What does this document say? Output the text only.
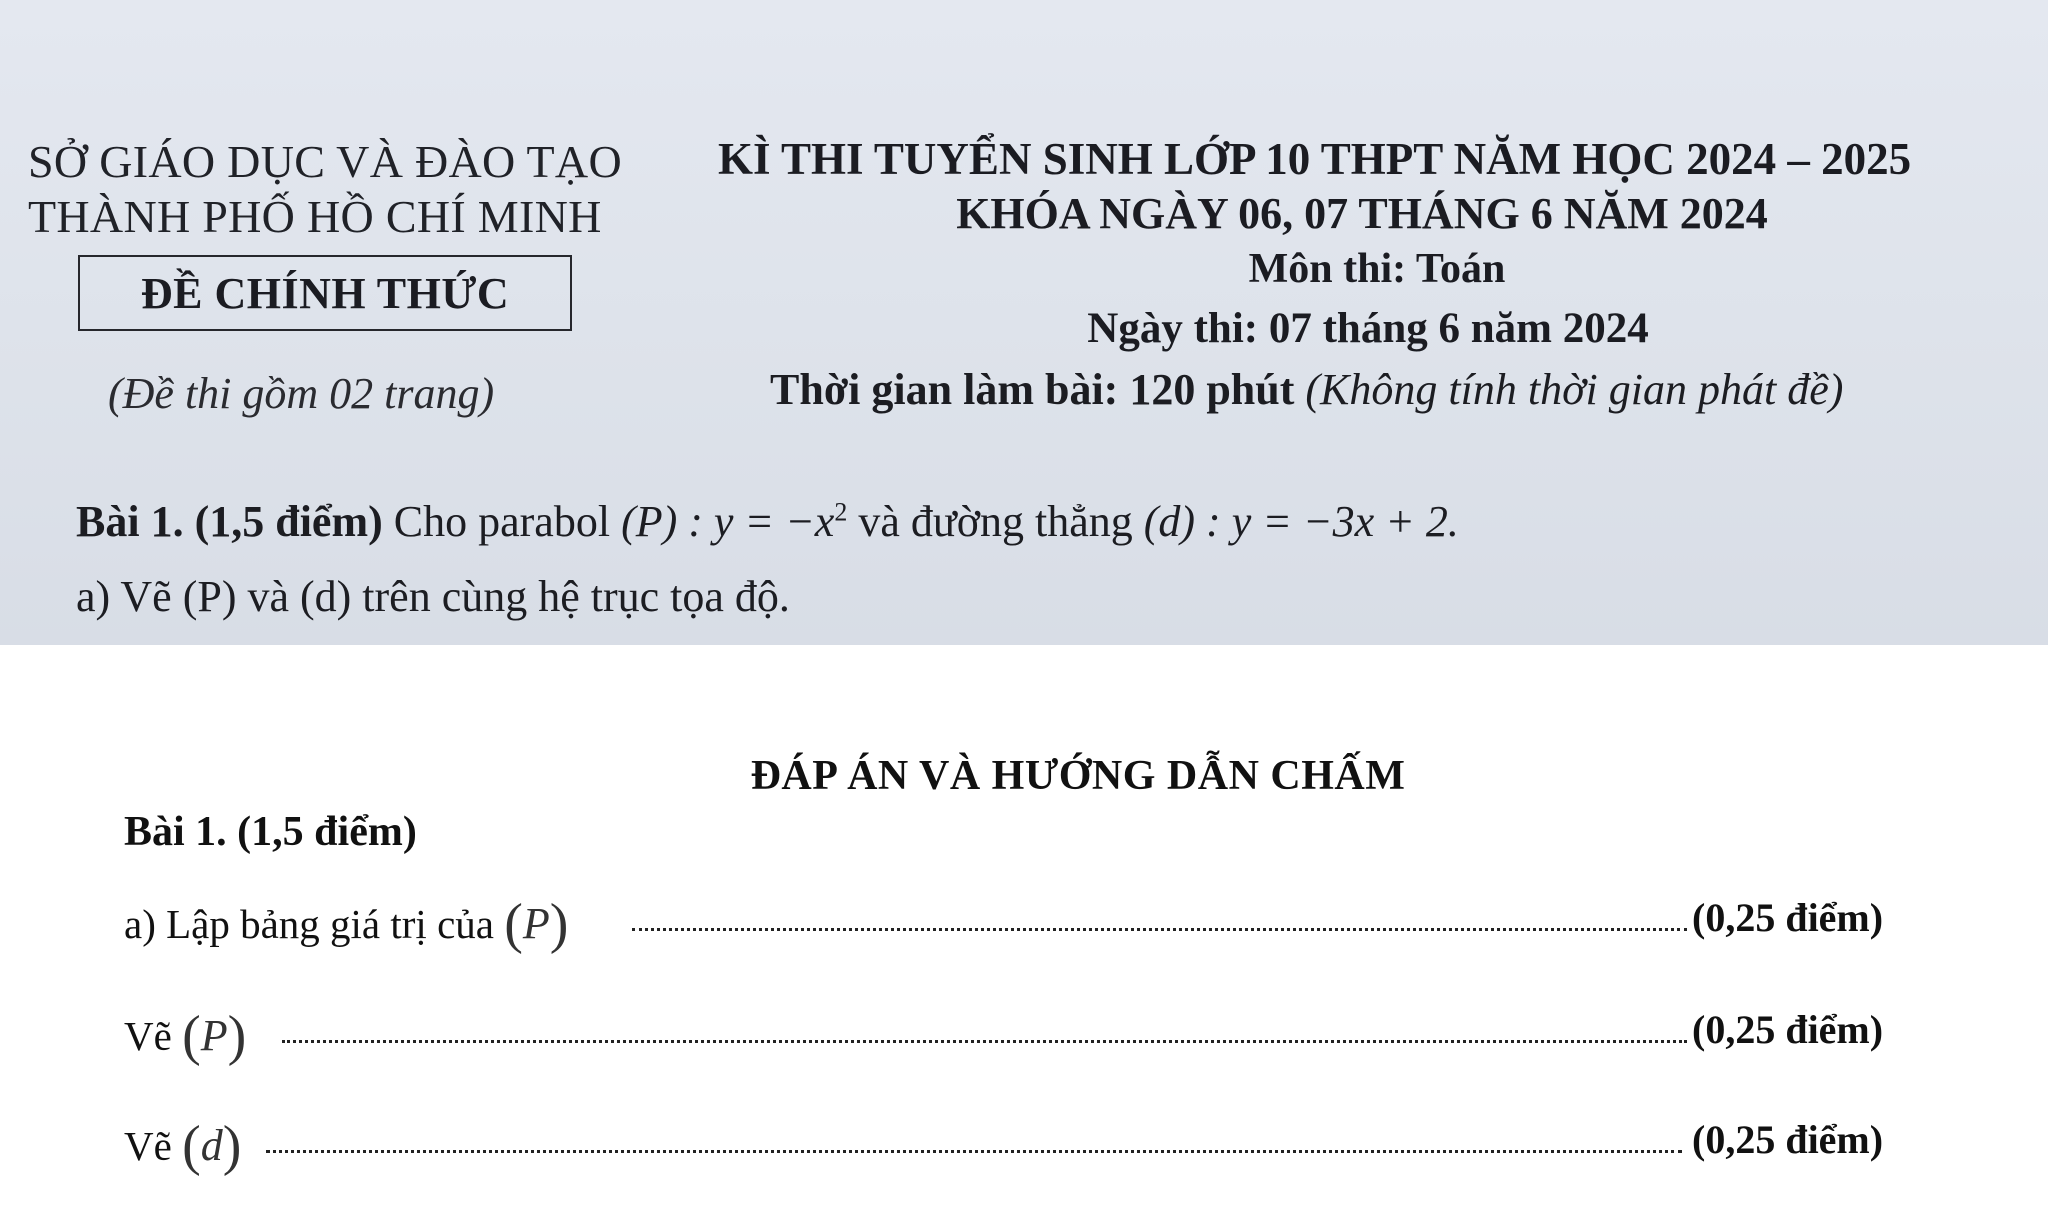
SỞ GIÁO DỤC VÀ ĐÀO TẠO
THÀNH PHỐ HỒ CHÍ MINH
ĐỀ CHÍNH THỨC
(Đề thi gồm 02 trang)
KÌ THI TUYỂN SINH LỚP 10 THPT NĂM HỌC 2024 – 2025
KHÓA NGÀY 06, 07 THÁNG 6 NĂM 2024
Môn thi: Toán
Ngày thi: 07 tháng 6 năm 2024
Thời gian làm bài: 120 phút (Không tính thời gian phát đề)
Bài 1. (1,5 điểm) Cho parabol (P) : $y = -x^2$ và đường thẳng (d) : y = −3x + 2.
a) Vẽ (P) và (d) trên cùng hệ trục tọa độ.
ĐÁP ÁN VÀ HƯỚNG DẪN CHẤM
Bài 1. (1,5 điểm)
a) Lập bảng giá trị của (P)	(0,25 điểm)
Vẽ (P)	(0,25 điểm)
Vẽ (d)	(0,25 điểm)
